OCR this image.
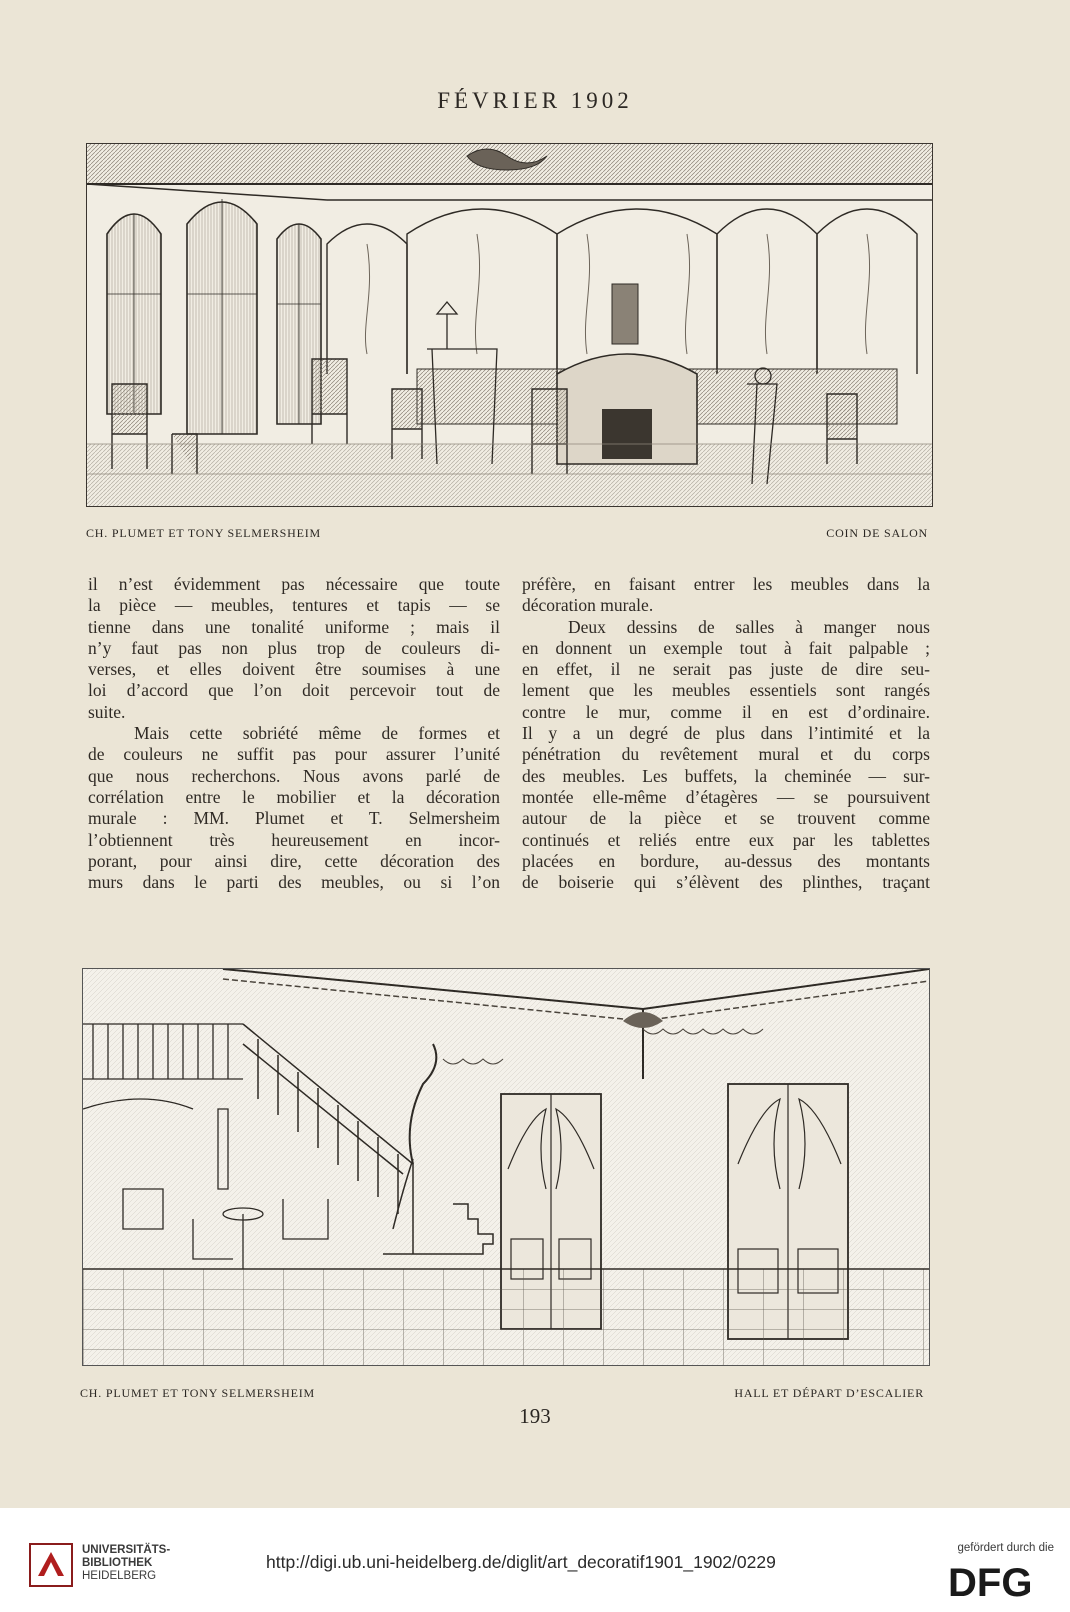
FÉVRIER 1902
CH. PLUMET ET TONY SELMERSHEIM	COIN DE SALON
il n’est évidemment pas nécessaire que toute
la pièce — meubles, tentures et tapis — se
tienne dans une tonalité uniforme ; mais il
n’y faut pas non plus trop de couleurs di-
verses, et elles doivent être soumises à une
loi d’accord que l’on doit percevoir tout de
suite.
Mais cette sobriété même de formes et
de couleurs ne suffit pas pour assurer l’unité
que nous recherchons. Nous avons parlé de
corrélation entre le mobilier et la décoration
murale : MM. Plumet et T. Selmersheim
l’obtiennent très heureusement en incor-
porant, pour ainsi dire, cette décoration des
murs dans le parti des meubles, ou si l’on
préfère, en faisant entrer les meubles dans la
décoration murale.
Deux dessins de salles à manger nous
en donnent un exemple tout à fait palpable ;
en effet, il ne serait pas juste de dire seu-
lement que les meubles essentiels sont rangés
contre le mur, comme il en est d’ordinaire.
Il y a un degré de plus dans l’intimité et la
pénétration du revêtement mural et du corps
des meubles. Les buffets, la cheminée — sur-
montée elle-même d’étagères — se poursuivent
autour de la pièce et se trouvent comme
continués et reliés entre eux par les tablettes
placées en bordure, au-dessus des montants
de boiserie qui s’élèvent des plinthes, traçant
CH. PLUMET ET TONY SELMERSHEIM	HALL ET DÉPART D’ESCALIER
193
UNIVERSITÄTS-
BIBLIOTHEK
HEIDELBERG
http://digi.ub.uni-heidelberg.de/diglit/art_decoratif1901_1902/0229
gefördert durch die
DFG
